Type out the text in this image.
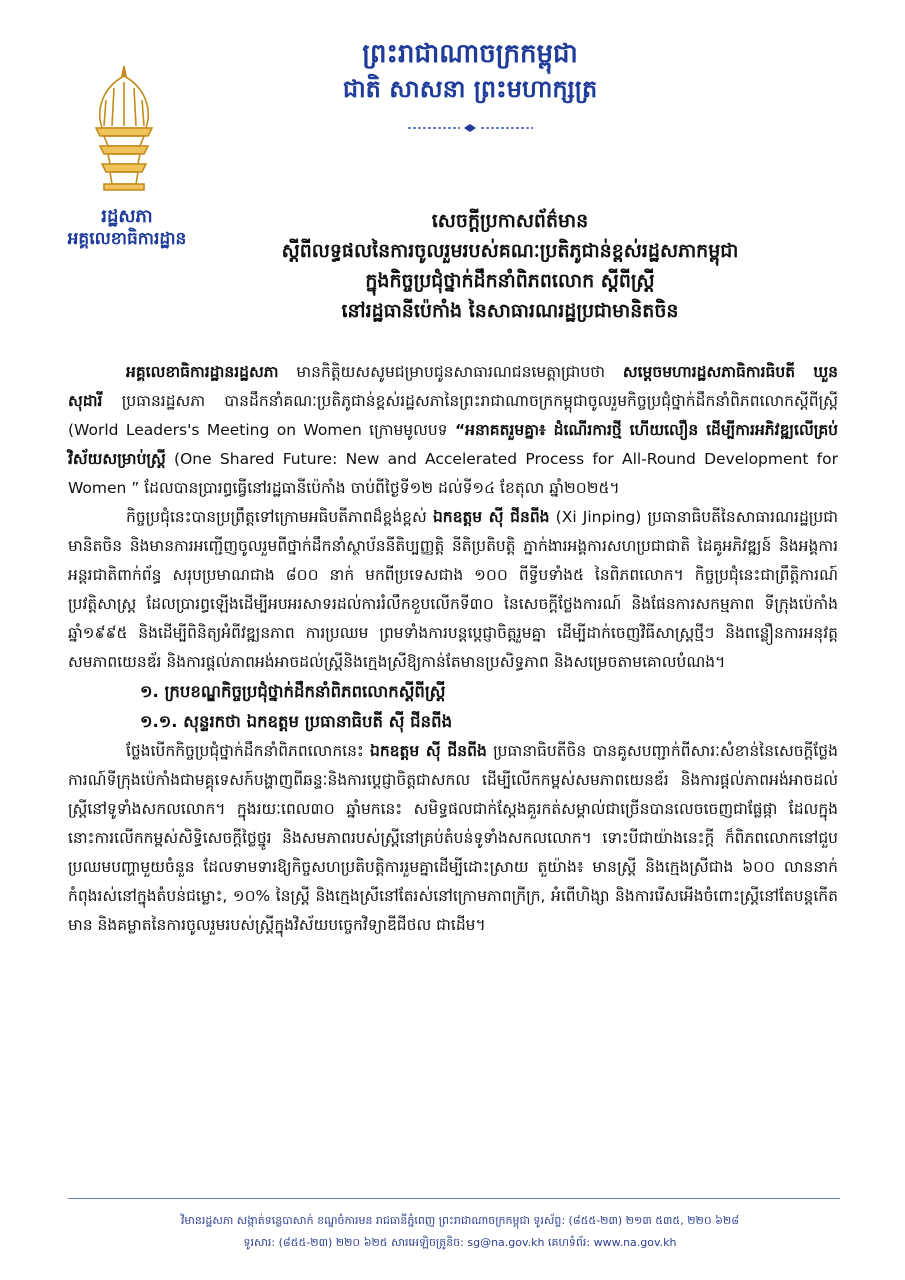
ព្រះរាជាណាចក្រកម្ពុជា
ជាតិ សាសនា ព្រះមហាក្សត្រ
រដ្ឋសភា
អគ្គលេខាធិការដ្ឋាន
សេចក្តីប្រកាសព័ត៌មាន
ស្តីពីលទ្ធផលនៃការចូលរួមរបស់គណៈប្រតិភូជាន់ខ្ពស់រដ្ឋសភាកម្ពុជា
ក្នុងកិច្ចប្រជុំថ្នាក់ដឹកនាំពិភពលោក ស្តីពីស្ត្រី
នៅរដ្ឋធានីប៉េកាំង នៃសាធារណរដ្ឋប្រជាមានិតចិន

អគ្គលេខាធិការដ្ឋានរដ្ឋសភា មានកិត្តិយសសូមជម្រាបជូនសាធារណជនមេត្តាជ្រាបថា សម្តេចមហារដ្ឋសភាធិការធិបតី ឃួន សុដារី ប្រធានរដ្ឋសភា បានដឹកនាំគណៈប្រតិភូជាន់ខ្ពស់រដ្ឋសភានៃព្រះរាជាណាចក្រកម្ពុជាចូលរួមកិច្ចប្រជុំថ្នាក់ដឹកនាំពិភពលោកស្តីពីស្ត្រី (World Leaders's Meeting on Women ក្រោមមូលបទ “អនាគតរួមគ្នា៖ ដំណើរការថ្មី ហើយលឿន ដើម្បីការអភិវឌ្ឍលើគ្រប់វិស័យសម្រាប់ស្ត្រី (One Shared Future: New and Accelerated Process for All-Round Development for Women ” ដែលបានប្រារព្ធធ្វើនៅរដ្ឋធានីប៉េកាំង ចាប់ពីថ្ងៃទី១២ ដល់ទី១៤ ខែតុលា ឆ្នាំ២០២៥។

កិច្ចប្រជុំនេះបានប្រព្រឹត្តទៅក្រោមអធិបតីភាពដ៏ខ្ពង់ខ្ពស់ ឯកឧត្តម ស៊ី ជីនពីង (Xi Jinping) ប្រធានាធិបតីនៃសាធារណរដ្ឋប្រជាមានិតចិន និងមានការអញ្ជើញចូលរួមពីថ្នាក់ដឹកនាំស្ថាប័ននីតិប្បញ្ញត្តិ នីតិប្រតិបត្តិ ភ្នាក់ងារអង្គការសហប្រជាជាតិ ដៃគូអភិវឌ្ឍន៍ និងអង្គការអន្តរជាតិពាក់ព័ន្ធ សរុបប្រមាណជាង ៨០០ នាក់ មកពីប្រទេសជាង ១០០ ពីទ្វីបទាំង៥ នៃពិភពលោក។ កិច្ចប្រជុំនេះជាព្រឹត្តិការណ៍ប្រវត្តិសាស្ត្រ ដែលប្រារព្ធឡើងដើម្បីអបអរសាទរដល់ការរំលឹកខួបលើកទី៣០ នៃសេចក្តីថ្លែងការណ៍ និងផែនការសកម្មភាព ទីក្រុងប៉េកាំង ឆ្នាំ១៩៩៥ និងដើម្បីពិនិត្យអំពីវឌ្ឍនភាព ការប្រឈម ព្រមទាំងការបន្តប្តេជ្ញាចិត្តរួមគ្នា ដើម្បីដាក់ចេញវិធីសាស្ត្រថ្មីៗ និងពន្លឿនការអនុវត្តសមភាពយេនឌ័រ និងការផ្តល់ភាពអង់អាចដល់ស្ត្រីនិងក្មេងស្រីឱ្យកាន់តែមានប្រសិទ្ធភាព និងសម្រេចតាមគោលបំណង។

១. ក្របខណ្ឌកិច្ចប្រជុំថ្នាក់ដឹកនាំពិភពលោកស្តីពីស្ត្រី
១.១. សុន្ទរកថា ឯកឧត្តម ប្រធានាធិបតី ស៊ី ជីនពីង

ថ្លែងបើកកិច្ចប្រជុំថ្នាក់ដឹកនាំពិភពលោកនេះ ឯកឧត្តម ស៊ី ជីនពីង ប្រធានាធិបតីចិន បានគូសបញ្ជាក់ពីសារៈសំខាន់នៃសេចក្តីថ្លែងការណ៍ទីក្រុងប៉េកាំងជាមគ្គុទេសក៍បង្ហាញពីឆន្ទៈនិងការប្តេជ្ញាចិត្តជាសកល ដើម្បីលើកកម្ពស់សមភាពយេនឌ័រ និងការផ្តល់ភាពអង់អាចដល់ស្ត្រីនៅទូទាំងសកលលោក។ ក្នុងរយៈពេល៣០ ឆ្នាំមកនេះ សមិទ្ធផលជាក់ស្តែងគួរកត់សម្គាល់ជាច្រើនបានលេចចេញជាផ្លែផ្កា ដែលក្នុងនោះការលើកកម្ពស់សិទ្ធិសេចក្តីថ្លៃថ្នូរ និងសមភាពរបស់ស្ត្រីនៅគ្រប់តំបន់ទូទាំងសកលលោក។ ទោះបីជាយ៉ាងនេះក្តី ក៏ពិភពលោកនៅជួបប្រឈមបញ្ហាមួយចំនួន ដែលទាមទារឱ្យកិច្ចសហប្រតិបត្តិការរួមគ្នាដើម្បីដោះស្រាយ តួយ៉ាង៖ មានស្ត្រី និងក្មេងស្រីជាង ៦០០ លាននាក់ កំពុងរស់នៅក្នុងតំបន់ជម្លោះ, ១០% នៃស្ត្រី និងក្មេងស្រីនៅតែរស់នៅក្រោមភាពក្រីក្រ, អំពើហិង្សា និងការរើសអើងចំពោះស្ត្រីនៅតែបន្តកើតមាន និងគម្លាតនៃការចូលរួមរបស់ស្ត្រីក្នុងវិស័យបច្ចេកវិទ្យាឌីជីថល ជាដើម។

វិមានរដ្ឋសភា សង្កាត់ទន្លេបាសាក់ ខណ្ឌចំការមន រាជធានីភ្នំពេញ ព្រះរាជាណាចក្រកម្ពុជា ទូរស័ព្ទ: (៨៥៥-២៣) ២១៣ ៥៣៥, ២២០ ៦២៨
ទូរសារ: (៨៥៥-២៣) ២២០ ៦២៥ សារអេឡិចត្រូនិច: sg@na.gov.kh គេហទំព័រ: www.na.gov.kh
